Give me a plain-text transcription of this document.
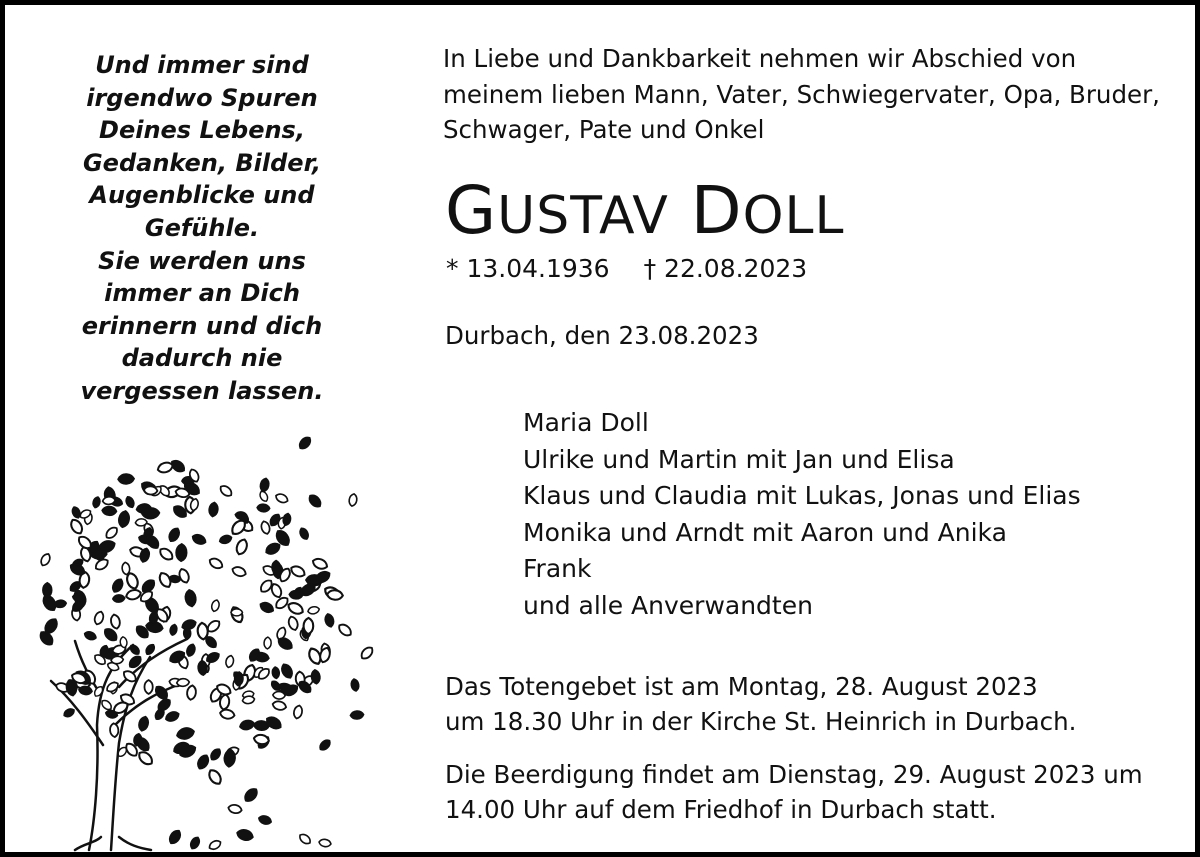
Und immer sind
irgendwo Spuren
Deines Lebens,
Gedanken, Bilder,
Augenblicke und
Gefühle.
Sie werden uns
immer an Dich
erinnern und dich
dadurch nie
vergessen lassen.
In Liebe und Dankbarkeit nehmen wir Abschied von
meinem lieben Mann, Vater, Schwiegervater, Opa, Bruder,
Schwager, Pate und Onkel
GUSTAV DOLL
* 13.04.1936 † 22.08.2023
Durbach, den 23.08.2023
Maria Doll
Ulrike und Martin mit Jan und Elisa
Klaus und Claudia mit Lukas, Jonas und Elias
Monika und Arndt mit Aaron und Anika
Frank
und alle Anverwandten
Das Totengebet ist am Montag, 28. August 2023
um 18.30 Uhr in der Kirche St. Heinrich in Durbach.
Die Beerdigung findet am Dienstag, 29. August 2023 um
14.00 Uhr auf dem Friedhof in Durbach statt.
